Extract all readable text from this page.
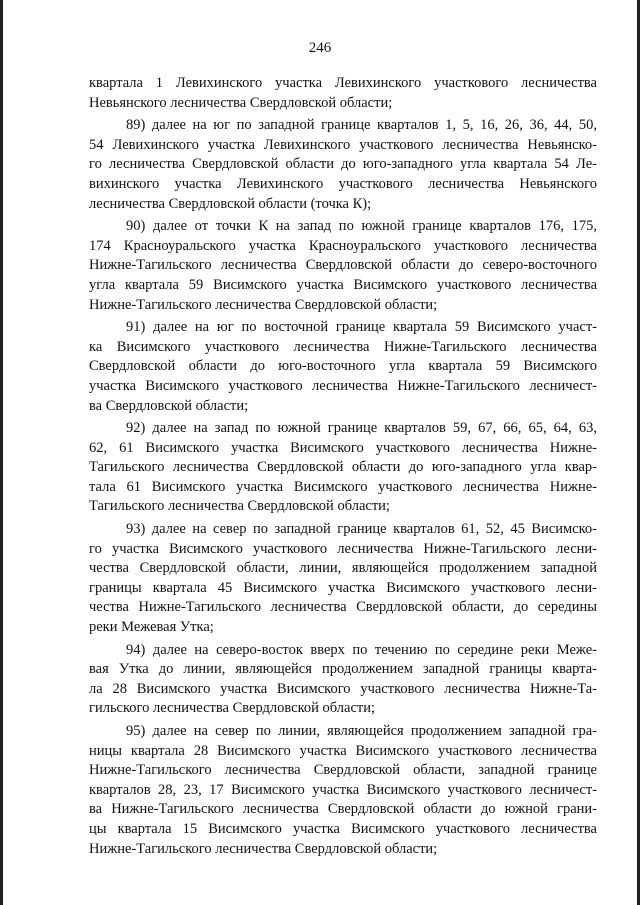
246
квартала 1 Левихинского участка Левихинского участкового лесничества
Невьянского лесничества Свердловской области;
89) далее на юг по западной границе кварталов 1, 5, 16, 26, 36, 44, 50,
54 Левихинского участка Левихинского участкового лесничества Невьянско-
го лесничества Свердловской области до юго-западного угла квартала 54 Ле-
вихинского участка Левихинского участкового лесничества Невьянского
лесничества Свердловской области (точка К);
90) далее от точки К на запад по южной границе кварталов 176, 175,
174 Красноуральского участка Красноуральского участкового лесничества
Нижне-Тагильского лесничества Свердловской области до северо-восточного
угла квартала 59 Висимского участка Висимского участкового лесничества
Нижне-Тагильского лесничества Свердловской области;
91) далее на юг по восточной границе квартала 59 Висимского участ-
ка Висимского участкового лесничества Нижне-Тагильского лесничества
Свердловской области до юго-восточного угла квартала 59 Висимского
участка Висимского участкового лесничества Нижне-Тагильского лесничест-
ва Свердловской области;
92) далее на запад по южной границе кварталов 59, 67, 66, 65, 64, 63,
62, 61 Висимского участка Висимского участкового лесничества Нижне-
Тагильского лесничества Свердловской области до юго-западного угла квар-
тала 61 Висимского участка Висимского участкового лесничества Нижне-
Тагильского лесничества Свердловской области;
93) далее на север по западной границе кварталов 61, 52, 45 Висимско-
го участка Висимского участкового лесничества Нижне-Тагильского лесни-
чества Свердловской области, линии, являющейся продолжением западной
границы квартала 45 Висимского участка Висимского участкового лесни-
чества Нижне-Тагильского лесничества Свердловской области, до середины
реки Межевая Утка;
94) далее на северо-восток вверх по течению по середине реки Меже-
вая Утка до линии, являющейся продолжением западной границы кварта-
ла 28 Висимского участка Висимского участкового лесничества Нижне-Та-
гильского лесничества Свердловской области;
95) далее на север по линии, являющейся продолжением западной гра-
ницы квартала 28 Висимского участка Висимского участкового лесничества
Нижне-Тагильского лесничества Свердловской области, западной границе
кварталов 28, 23, 17 Висимского участка Висимского участкового лесничест-
ва Нижне-Тагильского лесничества Свердловской области до южной грани-
цы квартала 15 Висимского участка Висимского участкового лесничества
Нижне-Тагильского лесничества Свердловской области;
